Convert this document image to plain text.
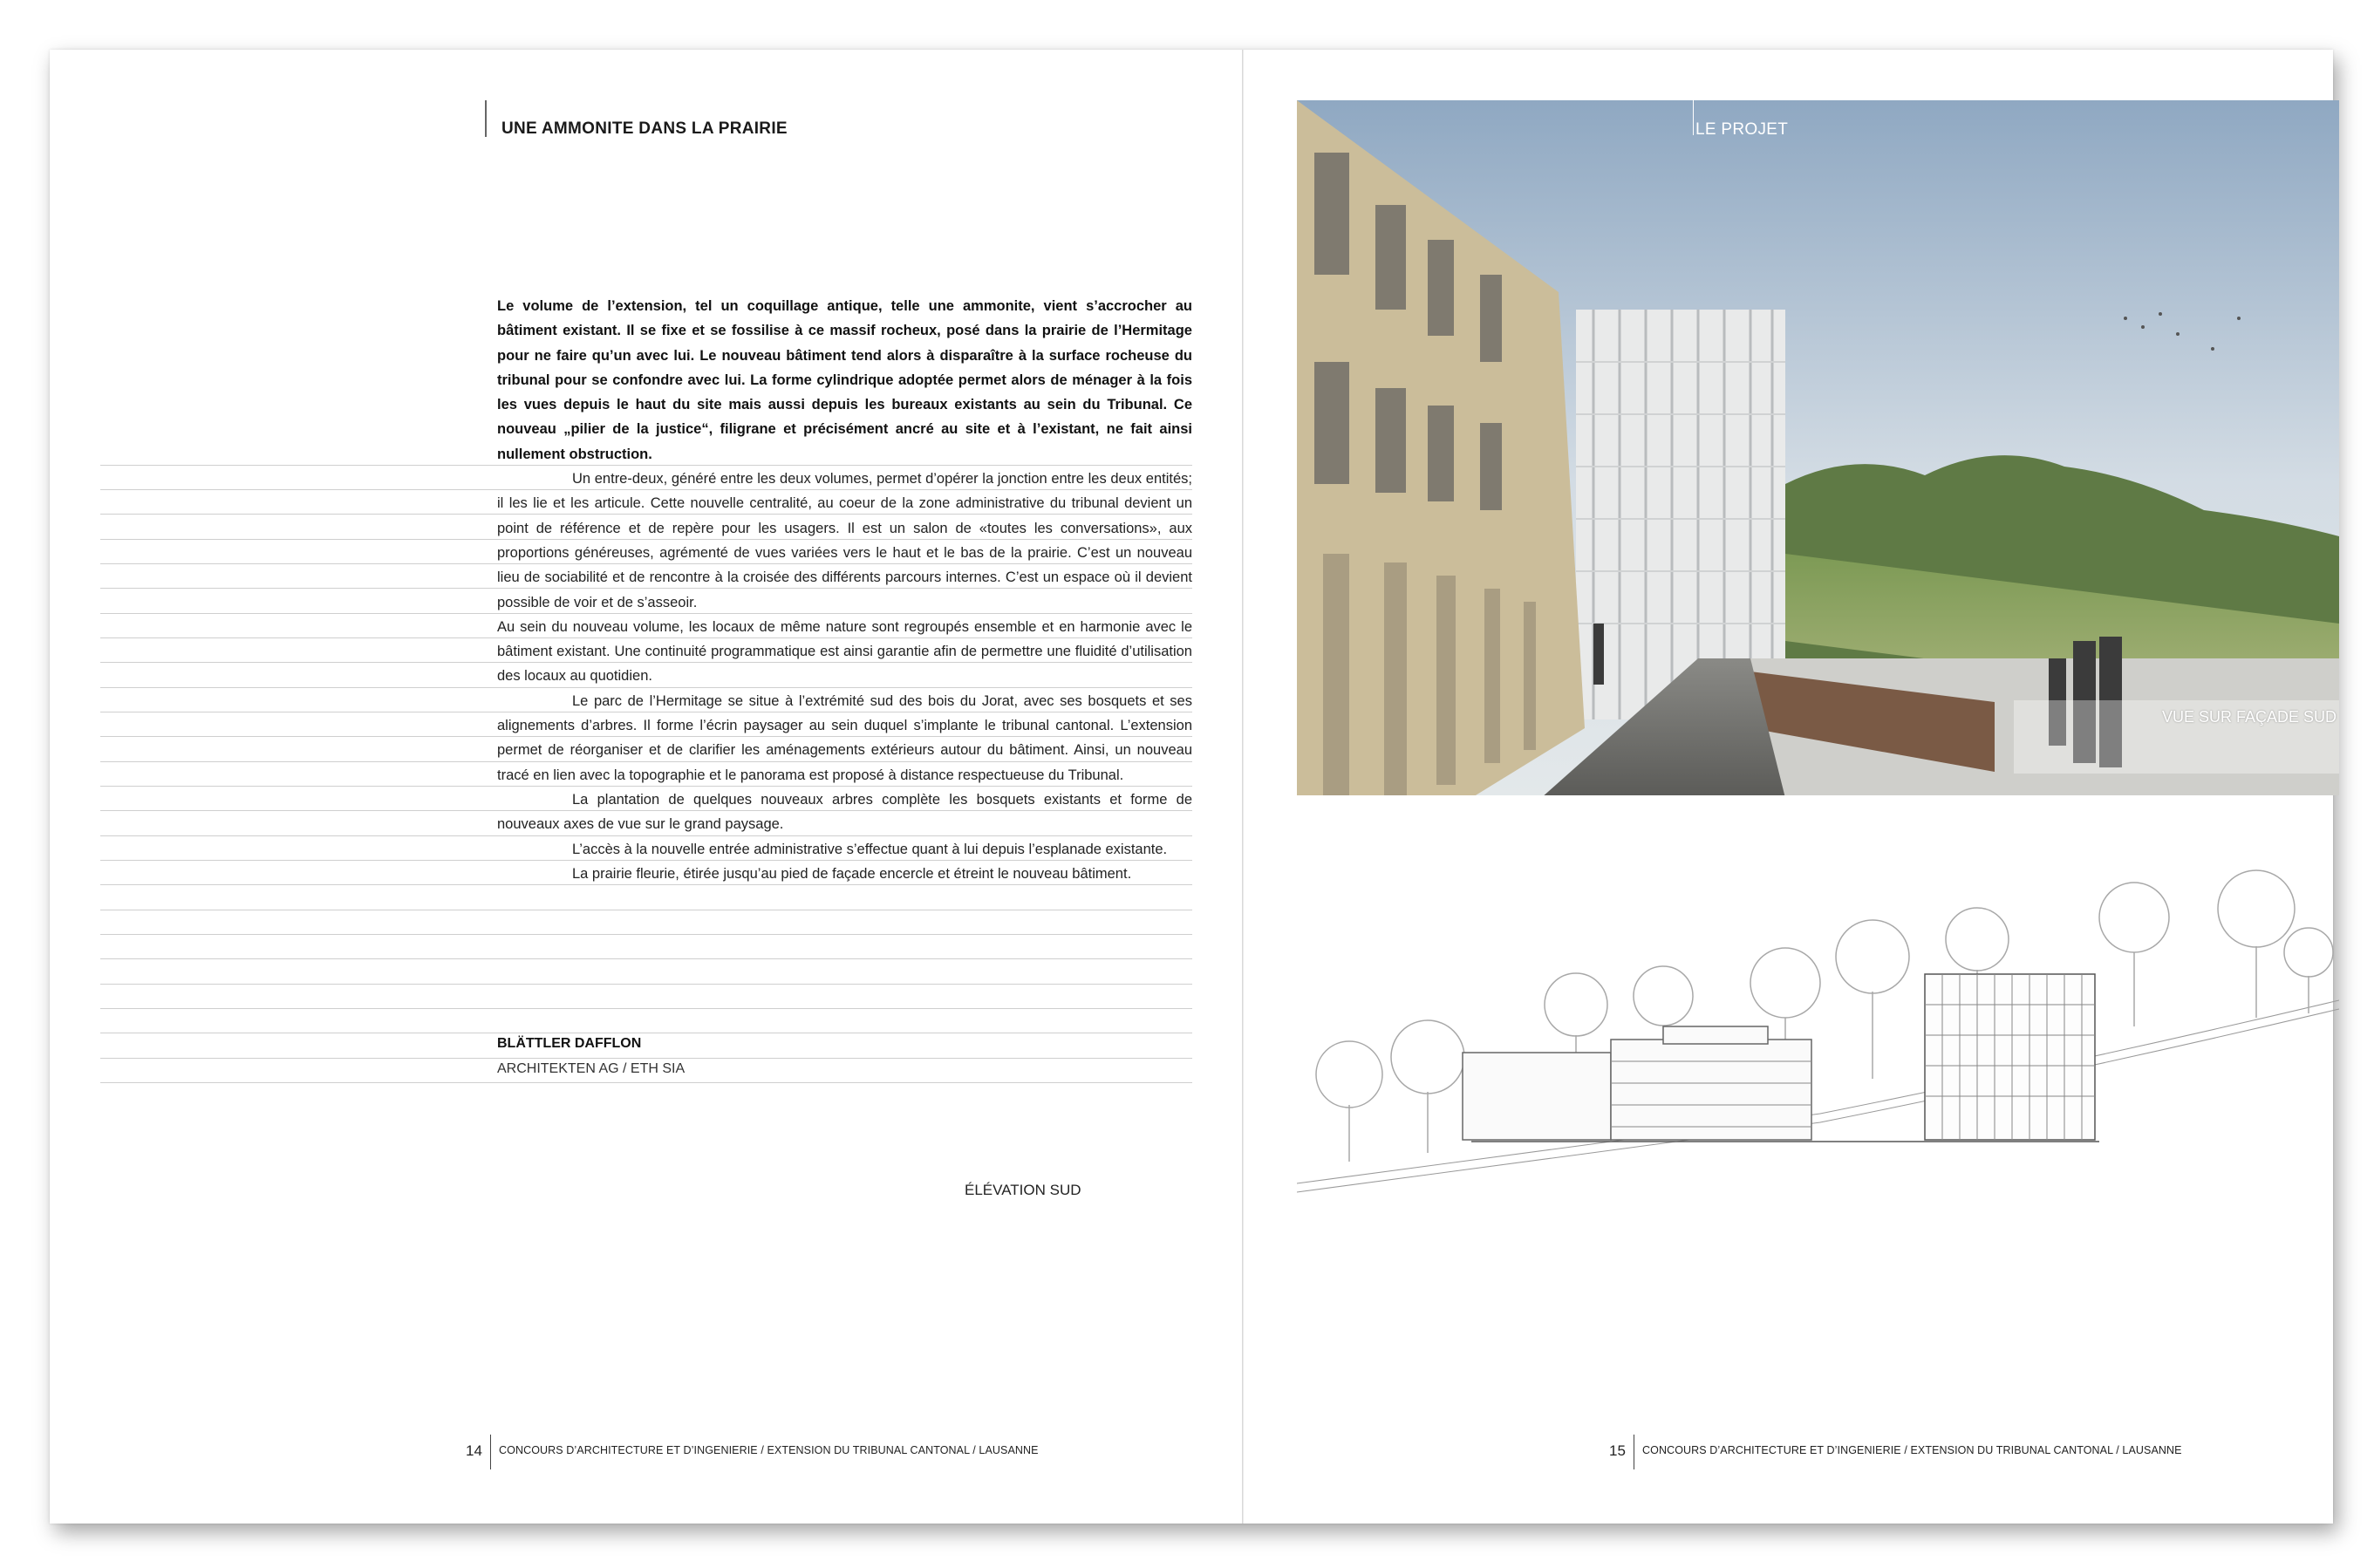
UNE AMMONITE DANS LA PRAIRIE

Le volume de l’extension, tel un coquillage antique, telle une ammonite, vient s’accrocher au bâtiment existant. Il se fixe et se fossilise à ce massif rocheux, posé dans la prairie de l’Hermitage pour ne faire qu’un avec lui. Le nouveau bâtiment tend alors à disparaître à la surface rocheuse du tribunal pour se confondre avec lui. La forme cylindrique adoptée permet alors de ménager à la fois les vues depuis le haut du site mais aussi depuis les bureaux existants au sein du Tribunal. Ce nouveau „pilier de la justice“, filigrane et précisément ancré au site et à l’existant, ne fait ainsi nullement obstruction.

Un entre-deux, généré entre les deux volumes, permet d’opérer la jonction entre les deux entités; il les lie et les articule. Cette nouvelle centralité, au coeur de la zone administrative du tribunal devient un point de référence et de repère pour les usagers. Il est un salon de «toutes les conversations», aux proportions généreuses, agrémenté de vues variées vers le haut et le bas de la prairie. C’est un nouveau lieu de sociabilité et de rencontre à la croisée des différents parcours internes. C’est un espace où il devient possible de voir et de s’asseoir.

Au sein du nouveau volume, les locaux de même nature sont regroupés ensemble et en harmonie avec le bâtiment existant. Une continuité programmatique est ainsi garantie afin de permettre une fluidité d’utilisation des locaux au quotidien.

Le parc de l’Hermitage se situe à l’extrémité sud des bois du Jorat, avec ses bosquets et ses alignements d’arbres. Il forme l’écrin paysager au sein duquel s’implante le tribunal cantonal. L’extension permet de réorganiser et de clarifier les aménagements extérieurs autour du bâtiment. Ainsi, un nouveau tracé en lien avec la topographie et le panorama est proposé à distance respectueuse du Tribunal.

La plantation de quelques nouveaux arbres complète les bosquets existants et forme de nouveaux axes de vue sur le grand paysage.

L’accès à la nouvelle entrée administrative s’effectue quant à lui depuis l’esplanade existante.

La prairie fleurie, étirée jusqu’au pied de façade encercle et étreint le nouveau bâtiment.

BLÄTTLER DAFFLON
ARCHITEKTEN AG / ETH SIA
14 CONCOURS D’ARCHITECTURE ET D’INGENIERIE / EXTENSION DU TRIBUNAL CANTONAL / LAUSANNE
LE PROJET
VUE SUR FAÇADE SUD
ÉLÉVATION SUD
15 CONCOURS D’ARCHITECTURE ET D’INGENIERIE / EXTENSION DU TRIBUNAL CANTONAL / LAUSANNE
